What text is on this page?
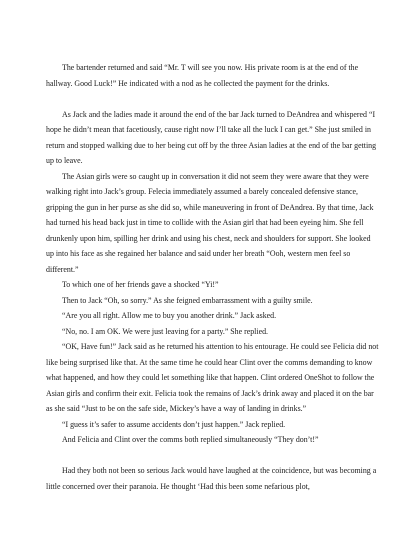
The bartender returned and said “Mr. T will see you now. His private room is at the end of the hallway. Good Luck!” He indicated with a nod as he collected the payment for the drinks.

As Jack and the ladies made it around the end of the bar Jack turned to DeAndrea and whispered “I hope he didn’t mean that facetiously, cause right now I’ll take all the luck I can get.” She just smiled in return and stopped walking due to her being cut off by the three Asian ladies at the end of the bar getting up to leave.

The Asian girls were so caught up in conversation it did not seem they were aware that they were walking right into Jack’s group. Felecia immediately assumed a barely concealed defensive stance, gripping the gun in her purse as she did so, while maneuvering in front of DeAndrea. By that time, Jack had turned his head back just in time to collide with the Asian girl that had been eyeing him. She fell drunkenly upon him, spilling her drink and using his chest, neck and shoulders for support. She looked up into his face as she regained her balance and said under her breath “Ooh, western men feel so different.”

To which one of her friends gave a shocked “Yi!”

Then to Jack “Oh, so sorry.” As she feigned embarrassment with a guilty smile.

“Are you all right. Allow me to buy you another drink.” Jack asked.

“No, no. I am OK. We were just leaving for a party.” She replied.

“OK, Have fun!” Jack said as he returned his attention to his entourage. He could see Felicia did not like being surprised like that. At the same time he could hear Clint over the comms demanding to know what happened, and how they could let something like that happen. Clint ordered OneShot to follow the Asian girls and confirm their exit. Felicia took the remains of Jack’s drink away and placed it on the bar as she said “Just to be on the safe side, Mickey’s have a way of landing in drinks.”

“I guess it’s safer to assume accidents don’t just happen.” Jack replied.

And Felicia and Clint over the comms both replied simultaneously “They don’t!”

Had they both not been so serious Jack would have laughed at the coincidence, but was becoming a little concerned over their paranoia. He thought ‘Had this been some nefarious plot,
